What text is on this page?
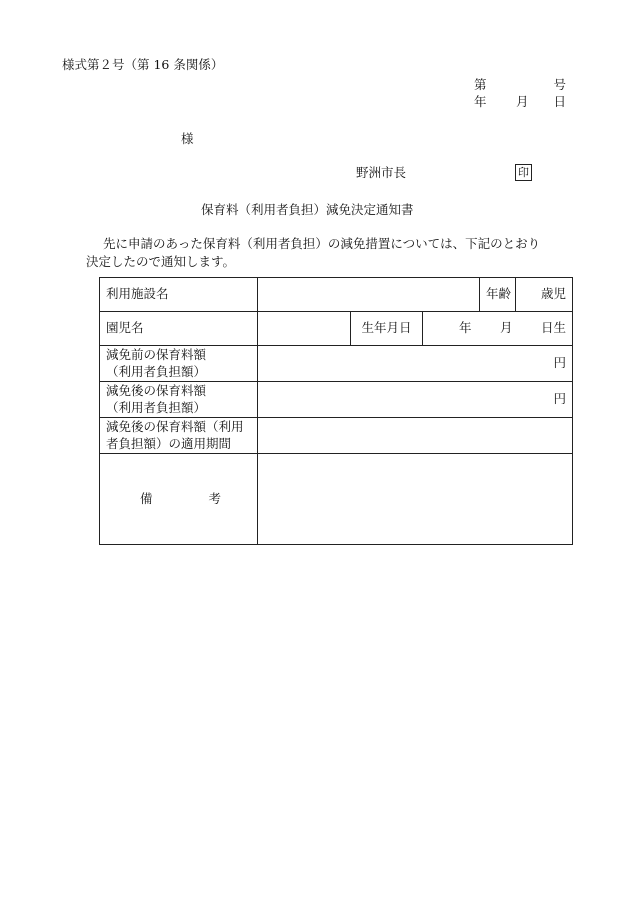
様式第２号（第 16 条関係）
第	号
年 月 日
様
野洲市長	印
保育料（利用者負担）減免決定通知書
先に申請のあった保育料（利用者負担）の減免措置については、下記のとおり
決定したので通知します。
利用施設名				年齢	歳児
園児名		生年月日	年 月 日生		

減免前の保育料額
（利用者負担額）	円				

減免後の保育料額
（利用者負担額）	円				

減免後の保育料額（利用
者負担額）の適用期間					

備 考					
